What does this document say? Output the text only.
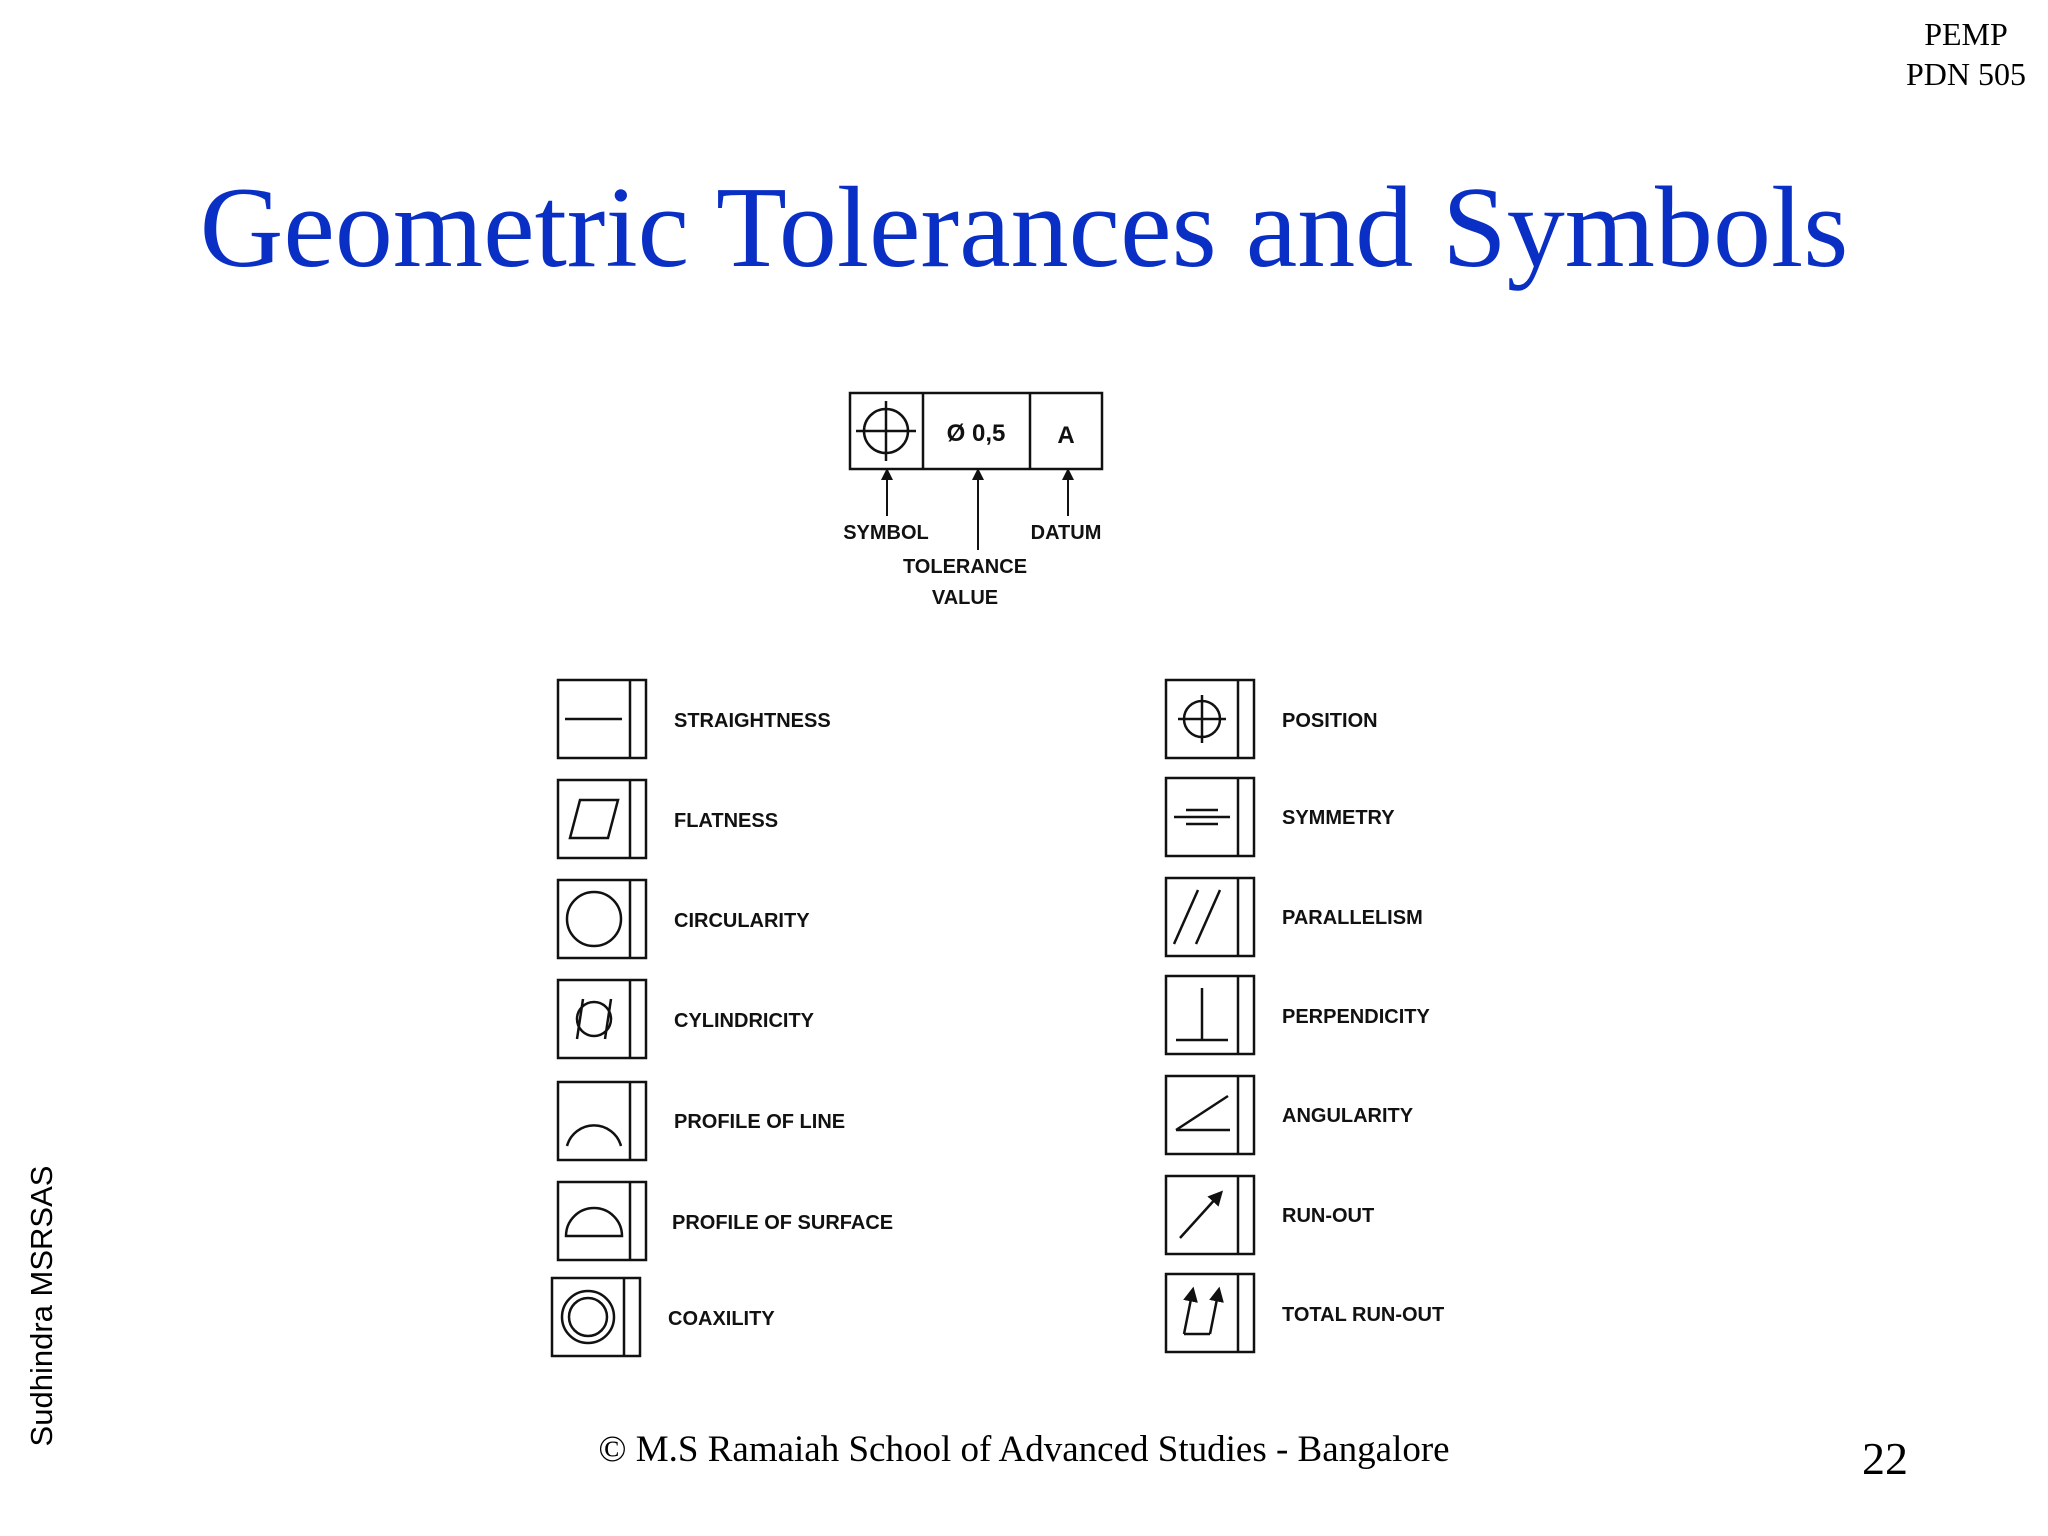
PEMP
PDN 505
Geometric Tolerances and Symbols
Ø 0,5 A
SYMBOL	DATUM
TOLERANCE
VALUE
STRAIGHTNESS
FLATNESS
CIRCULARITY
CYLINDRICITY
PROFILE OF LINE
PROFILE OF SURFACE
COAXILITY
POSITION
SYMMETRY
PARALLELISM
PERPENDICITY
ANGULARITY
RUN-OUT
TOTAL RUN-OUT
Sudhindra MSRSAS
© M.S Ramaiah School of Advanced Studies - Bangalore	22
